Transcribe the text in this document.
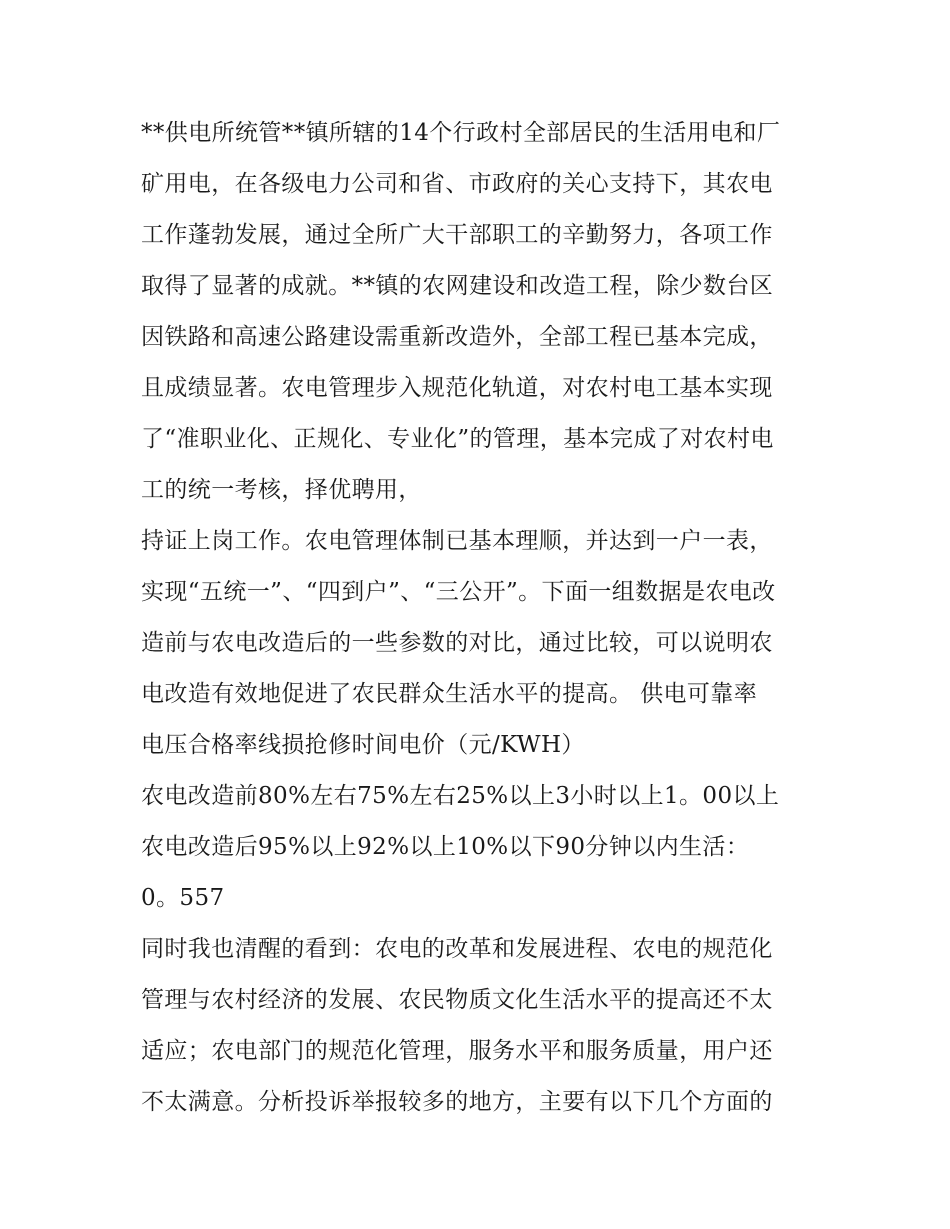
**供电所统管**镇所辖的14个行政村全部居民的生活用电和厂
矿用电，在各级电力公司和省、市政府的关心支持下，其农电
工作蓬勃发展，通过全所广大干部职工的辛勤努力，各项工作
取得了显著的成就。**镇的农网建设和改造工程，除少数台区
因铁路和高速公路建设需重新改造外，全部工程已基本完成，
且成绩显著。农电管理步入规范化轨道，对农村电工基本实现
了“准职业化、正规化、专业化”的管理，基本完成了对农村电
工的统一考核，择优聘用，
持证上岗工作。农电管理体制已基本理顺，并达到一户一表，
实现“五统一”、“四到户”、“三公开”。下面一组数据是农电改
造前与农电改造后的一些参数的对比，通过比较，可以说明农
电改造有效地促进了农民群众生活水平的提高。 供电可靠率
电压合格率线损抢修时间电价（元/KWH）
农电改造前80%左右75%左右25%以上3小时以上1。00以上
农电改造后95%以上92%以上10%以下90分钟以内生活：
0。557
同时我也清醒的看到：农电的改革和发展进程、农电的规范化
管理与农村经济的发展、农民物质文化生活水平的提高还不太
适应；农电部门的规范化管理，服务水平和服务质量，用户还
不太满意。分析投诉举报较多的地方，主要有以下几个方面的
